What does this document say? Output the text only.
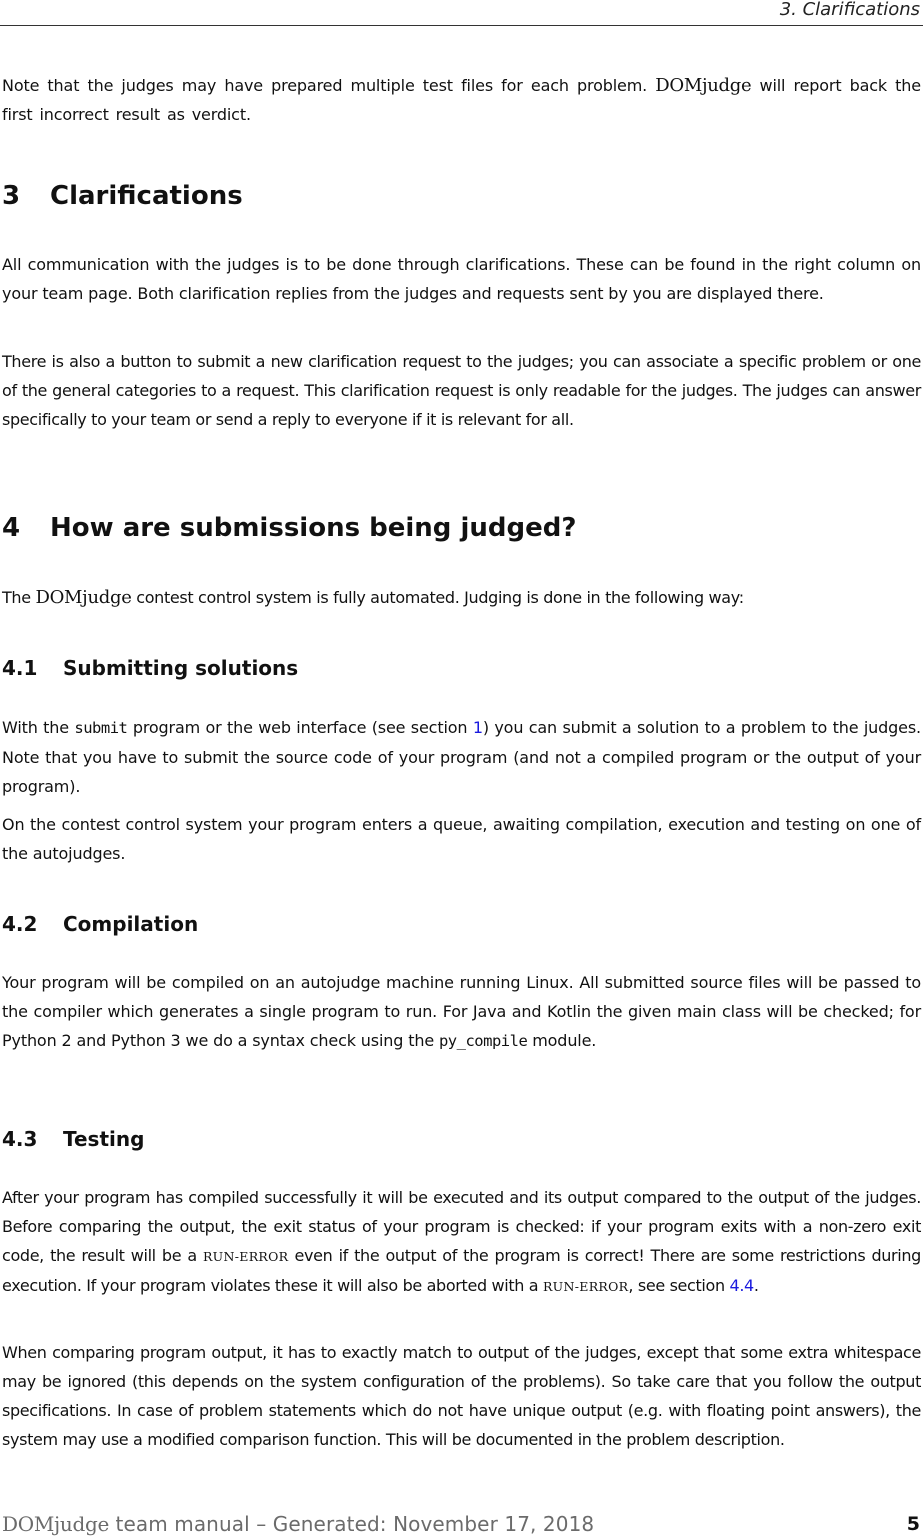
3. Clarifications

Note that the judges may have prepared multiple test files for each problem. DOMjudge will report back the first incorrect result as verdict.

3 Clarifications

All communication with the judges is to be done through clarifications. These can be found in the right column on your team page. Both clarification replies from the judges and requests sent by you are displayed there.

There is also a button to submit a new clarification request to the judges; you can associate a specific problem or one of the general categories to a request. This clarification request is only readable for the judges. The judges can answer specifically to your team or send a reply to everyone if it is relevant for all.

4 How are submissions being judged?

The DOMjudge contest control system is fully automated. Judging is done in the following way:

4.1 Submitting solutions

With the submit program or the web interface (see section 1) you can submit a solution to a problem to the judges. Note that you have to submit the source code of your program (and not a compiled program or the output of your program).

On the contest control system your program enters a queue, awaiting compilation, execution and testing on one of the autojudges.

4.2 Compilation

Your program will be compiled on an autojudge machine running Linux. All submitted source files will be passed to the compiler which generates a single program to run. For Java and Kotlin the given main class will be checked; for Python 2 and Python 3 we do a syntax check using the py_compile module.

4.3 Testing

After your program has compiled successfully it will be executed and its output compared to the output of the judges. Before comparing the output, the exit status of your program is checked: if your program exits with a non-zero exit code, the result will be a RUN-ERROR even if the output of the program is correct! There are some restrictions during execution. If your program violates these it will also be aborted with a RUN-ERROR, see section 4.4.

When comparing program output, it has to exactly match to output of the judges, except that some extra whitespace may be ignored (this depends on the system configuration of the problems). So take care that you follow the output specifications. In case of problem statements which do not have unique output (e.g. with floating point answers), the system may use a modified comparison function. This will be documented in the problem description.

DOMjudge team manual – Generated: November 17, 2018	5
